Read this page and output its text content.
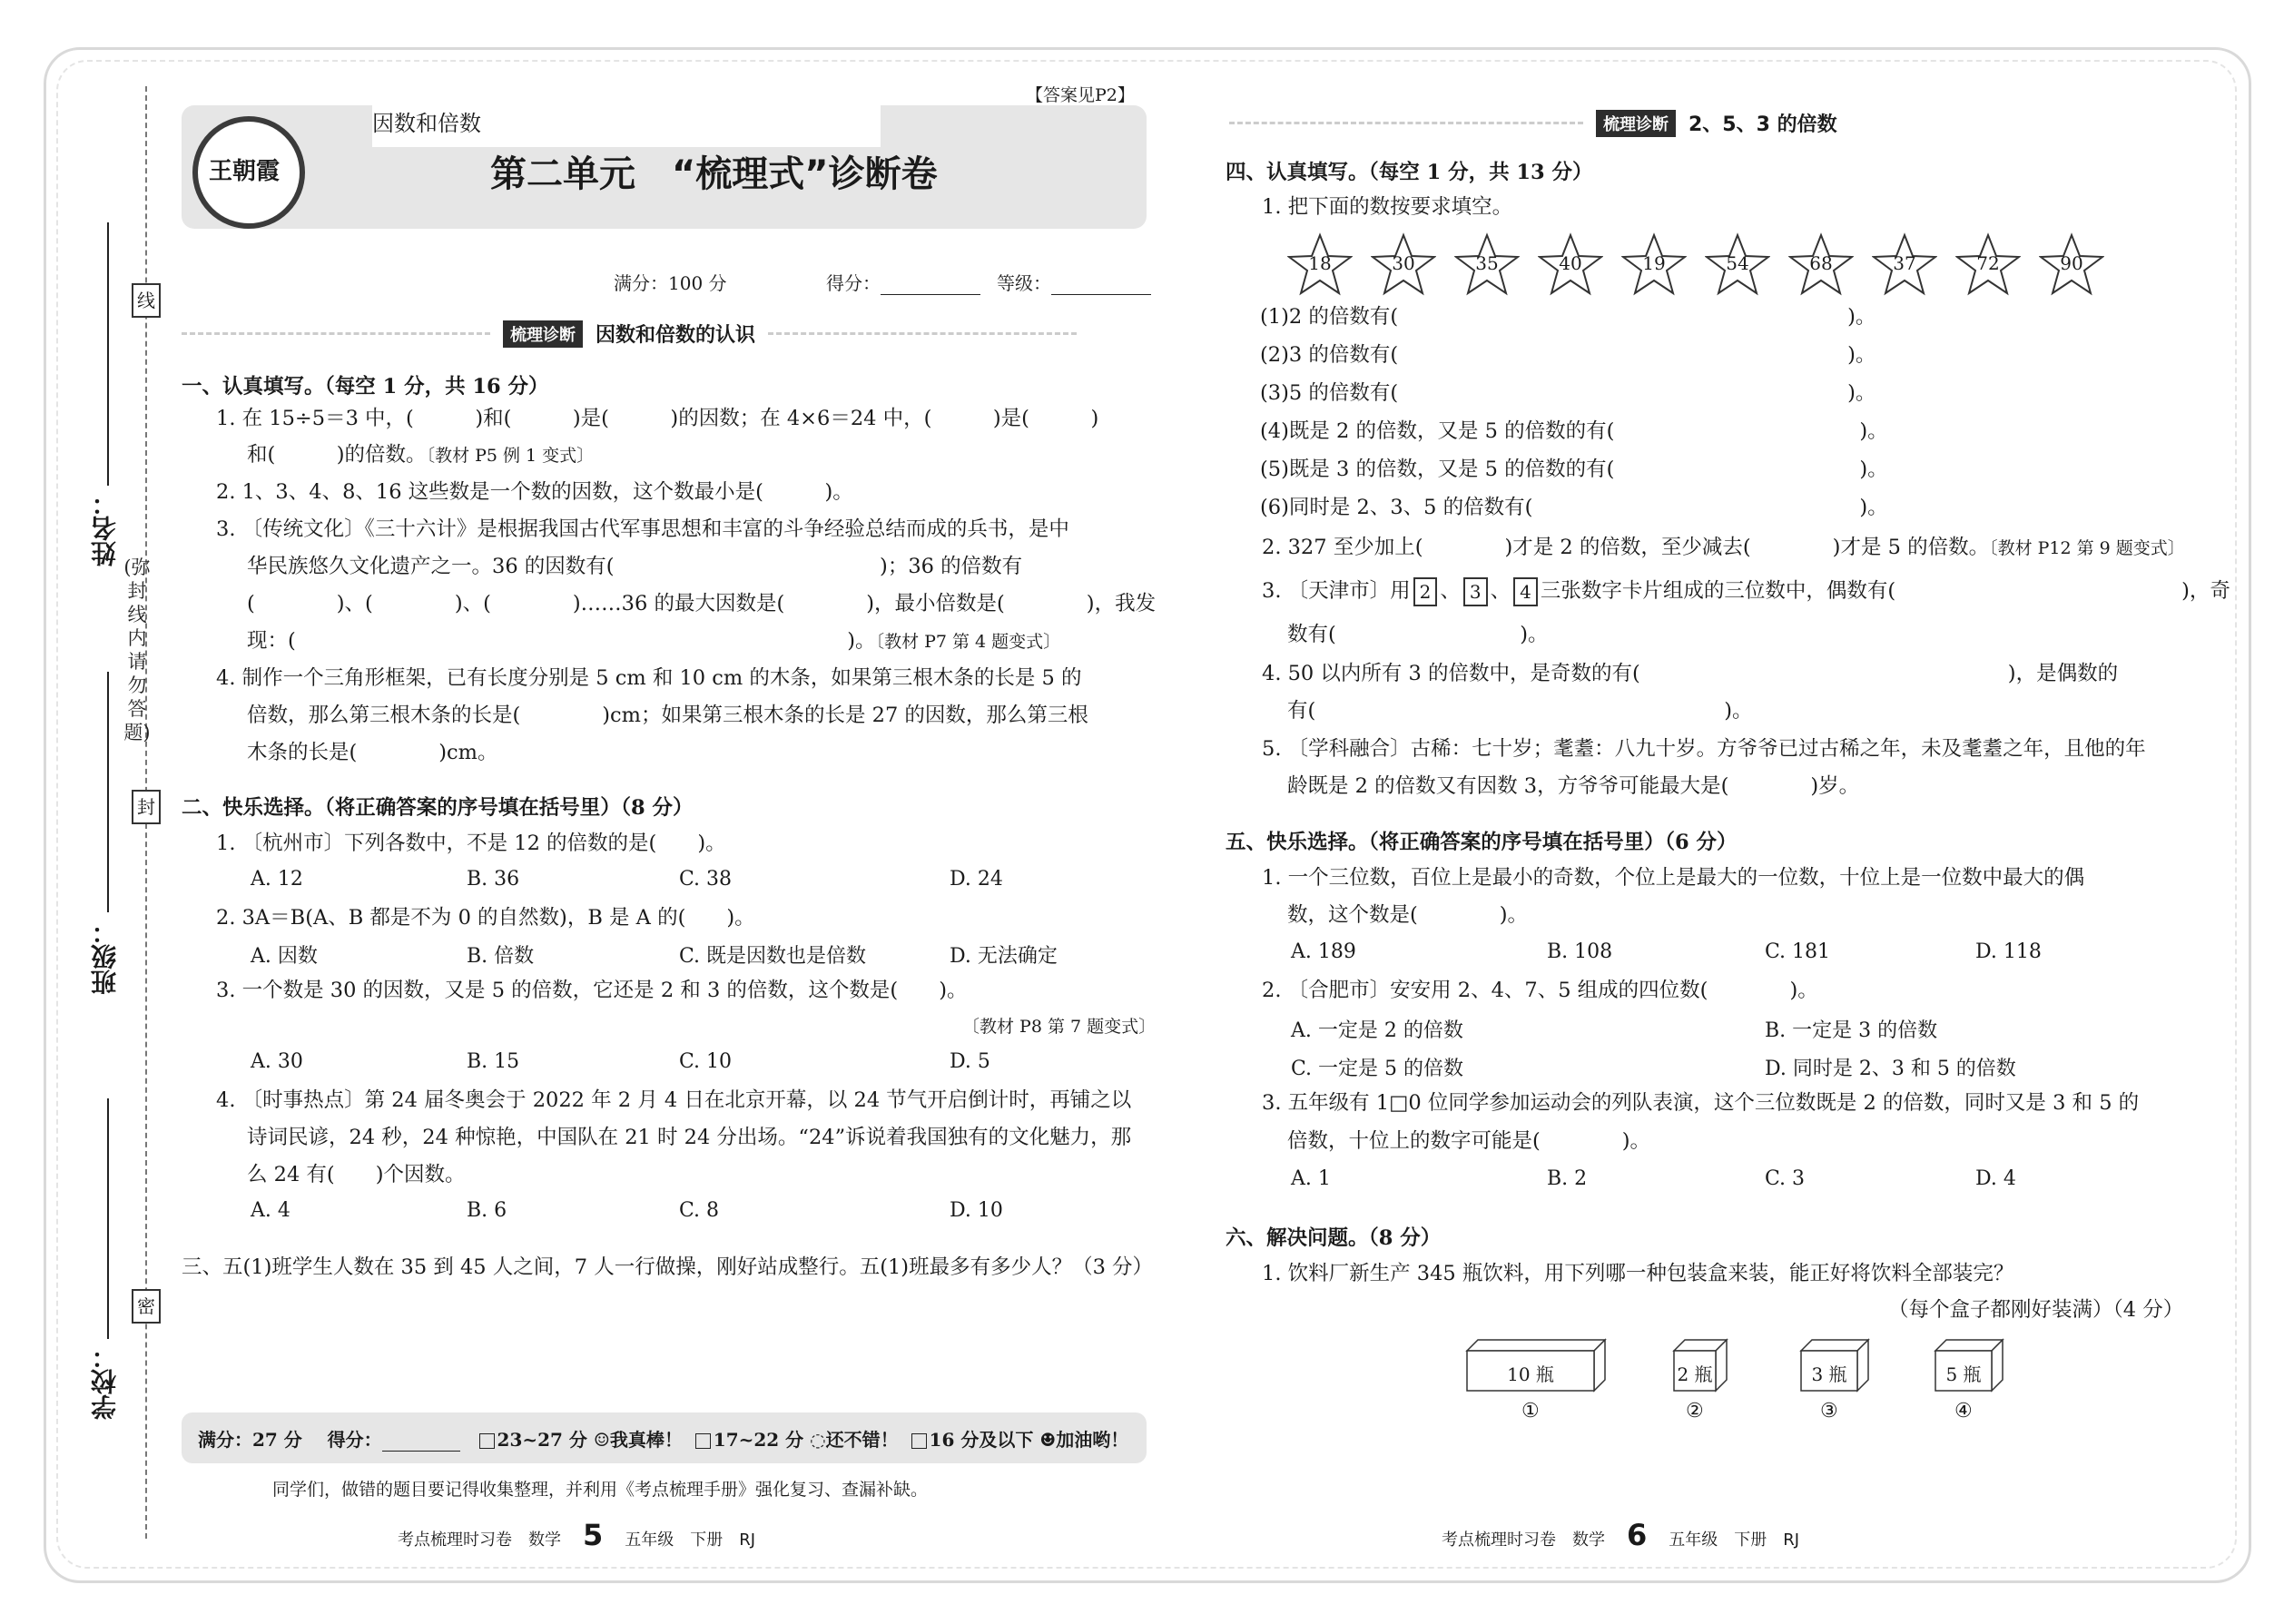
姓名：
班级：
学校：
线
封
密
(弥封线内请勿答题)
王朝霞
因数和倍数
【答案见P2】
第二单元　“梳理式”诊断卷
满分：100 分	得分：	等级：
梳理诊断	因数和倍数的认识
一、认真填写。（每空 1 分，共 16 分）
1. 在 15÷5＝3 中，(　　　)和(　　　)是(　　　)的因数；在 4×6＝24 中，(　　　)是(　　　)
和(　　　)的倍数。〔教材 P5 例 1 变式〕
2. 1、3、4、8、16 这些数是一个数的因数，这个数最小是(　　　)。
3. 〔传统文化〕《三十六计》是根据我国古代军事思想和丰富的斗争经验总结而成的兵书，是中
华民族悠久文化遗产之一。36 的因数有(　　　　　　　　　　　　　)；36 的倍数有
(　　　　)、(　　　　)、(　　　　)……36 的最大因数是(　　　　)，最小倍数是(　　　　)，我发
现：(　　　　　　　　　　　　　　　　　　　　　　　　　　　)。〔教材 P7 第 4 题变式〕
4. 制作一个三角形框架，已有长度分别是 5 cm 和 10 cm 的木条，如果第三根木条的长是 5 的
倍数，那么第三根木条的长是(　　　　)cm；如果第三根木条的长是 27 的因数，那么第三根
木条的长是(　　　　)cm。
二、快乐选择。（将正确答案的序号填在括号里）（8 分）
1. 〔杭州市〕下列各数中，不是 12 的倍数的是(　　)。
A. 12	B. 36	C. 38	D. 24
2. 3A＝B(A、B 都是不为 0 的自然数)，B 是 A 的(　　)。
A. 因数	B. 倍数	C. 既是因数也是倍数	D. 无法确定
3. 一个数是 30 的因数，又是 5 的倍数，它还是 2 和 3 的倍数，这个数是(　　)。
〔教材 P8 第 7 题变式〕
A. 30	B. 15	C. 10	D. 5
4. 〔时事热点〕第 24 届冬奥会于 2022 年 2 月 4 日在北京开幕，以 24 节气开启倒计时，再铺之以
诗词民谚，24 秒，24 种惊艳，中国队在 21 时 24 分出场。“24”诉说着我国独有的文化魅力，那
么 24 有(　　)个因数。
A. 4	B. 6	C. 8	D. 10
三、五(1)班学生人数在 35 到 45 人之间，7 人一行做操，刚好站成整行。五(1)班最多有多少人？（3 分）
满分：27 分 得分：	23~27 分 ☺我真棒！ 17~22 分 ◌还不错！ 16 分及以下 ☻加油哟！
同学们，做错的题目要记得收集整理，并利用《考点梳理手册》强化复习、查漏补缺。
考点梳理时习卷　数学 5 五年级　下册　RJ
梳理诊断	2、5、3 的倍数
四、认真填写。（每空 1 分，共 13 分）
1. 把下面的数按要求填空。
18	30	35	40	19	54	68	37	72	90
(1)2 的倍数有(　　　　　　　　　　　　　　　　　　　　　　)。
(2)3 的倍数有(　　　　　　　　　　　　　　　　　　　　　　)。
(3)5 的倍数有(　　　　　　　　　　　　　　　　　　　　　　)。
(4)既是 2 的倍数，又是 5 的倍数的有(　　　　　　　　　　　　)。
(5)既是 3 的倍数，又是 5 的倍数的有(　　　　　　　　　　　　)。
(6)同时是 2、3、5 的倍数有(　　　　　　　　　　　　　　　　)。
2. 327 至少加上(　　　　)才是 2 的倍数，至少减去(　　　　)才是 5 的倍数。〔教材 P12 第 9 题变式〕
3. 〔天津市〕用 2 、 3 、 4 三张数字卡片组成的三位数中，偶数有(　　　　　　　　　　　　　　)，奇
数有(　　　　　　　　　)。
4. 50 以内所有 3 的倍数中，是奇数的有(　　　　　　　　　　　　　　　　　　)，是偶数的
有(　　　　　　　　　　　　　　　　　　　　)。
5. 〔学科融合〕古稀：七十岁；耄耋：八九十岁。方爷爷已过古稀之年，未及耄耋之年，且他的年
龄既是 2 的倍数又有因数 3，方爷爷可能最大是(　　　　)岁。
五、快乐选择。（将正确答案的序号填在括号里）（6 分）
1. 一个三位数，百位上是最小的奇数，个位上是最大的一位数，十位上是一位数中最大的偶
数，这个数是(　　　　)。
A. 189	B. 108	C. 181	D. 118
2. 〔合肥市〕安安用 2、4、7、5 组成的四位数(　　　　)。
A. 一定是 2 的倍数	B. 一定是 3 的倍数
C. 一定是 5 的倍数	D. 同时是 2、3 和 5 的倍数
3. 五年级有 1□0 位同学参加运动会的列队表演，这个三位数既是 2 的倍数，同时又是 3 和 5 的
倍数，十位上的数字可能是(　　　　)。
A. 1	B. 2	C. 3	D. 4
六、解决问题。（8 分）
1. 饮料厂新生产 345 瓶饮料，用下列哪一种包装盒来装，能正好将饮料全部装完？
（每个盒子都刚好装满）（4 分）
10 瓶
①
2 瓶
②
3 瓶
③
5 瓶
④
考点梳理时习卷　数学 6 五年级　下册　RJ
